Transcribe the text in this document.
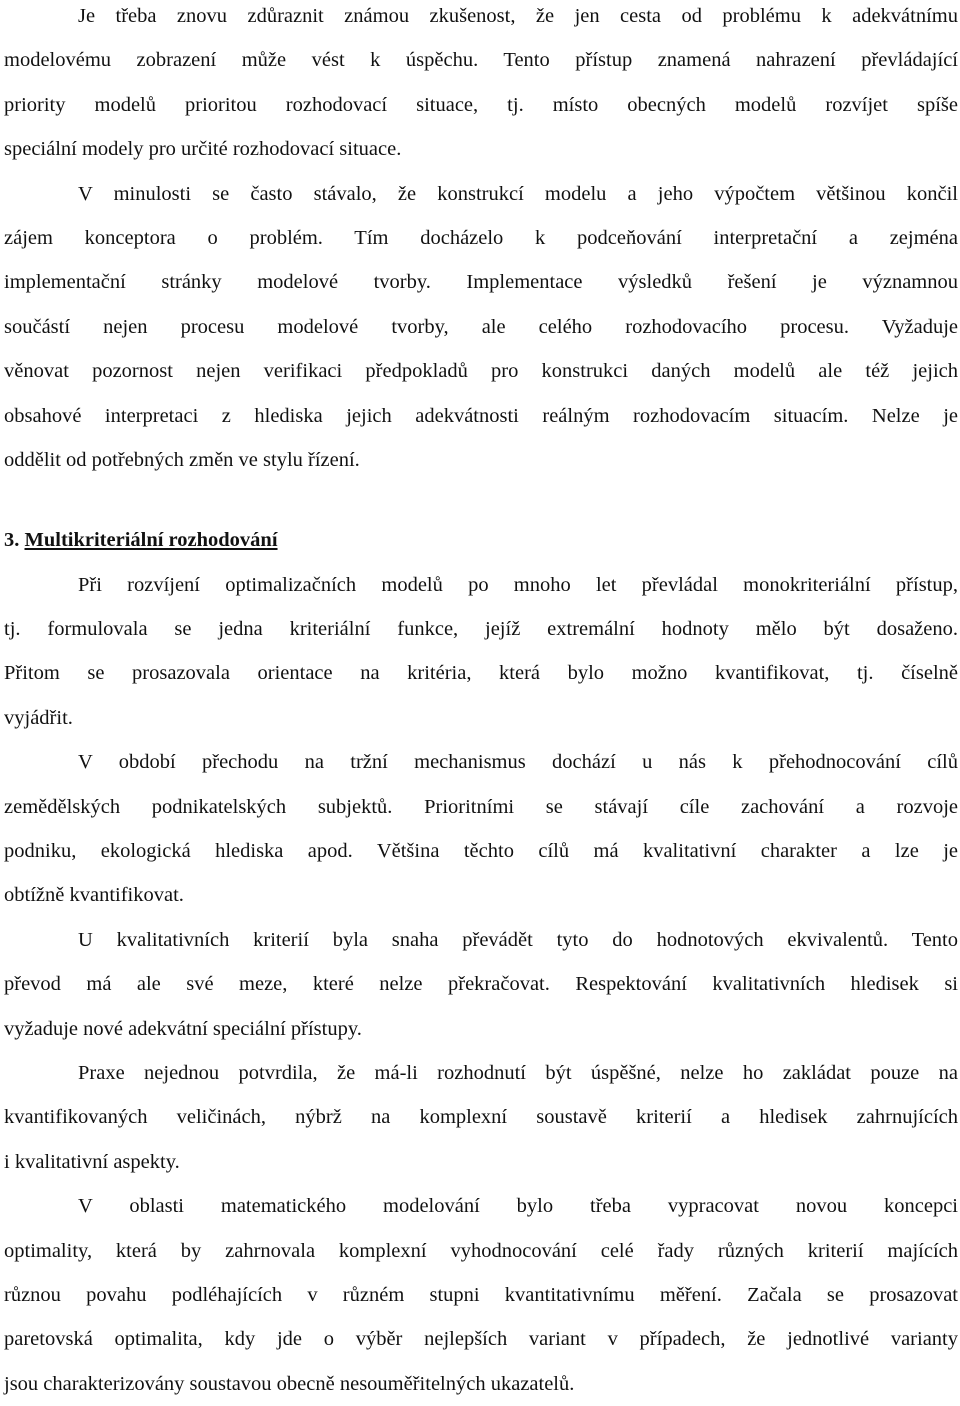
Je třeba znovu zdůraznit známou zkušenost, že jen cesta od problému k adekvátnímu
modelovému zobrazení může vést k úspěchu. Tento přístup znamená nahrazení převládající
priority modelů prioritou rozhodovací situace, tj. místo obecných modelů rozvíjet spíše
speciální modely pro určité rozhodovací situace.
V minulosti se často stávalo, že konstrukcí modelu a jeho výpočtem většinou končil
zájem konceptora o problém. Tím docházelo k podceňování interpretační a zejména
implementační stránky modelové tvorby. Implementace výsledků řešení je významnou
součástí nejen procesu modelové tvorby, ale celého rozhodovacího procesu. Vyžaduje
věnovat pozornost nejen verifikaci předpokladů pro konstrukci daných modelů ale též jejich
obsahové interpretaci z hlediska jejich adekvátnosti reálným rozhodovacím situacím. Nelze je
oddělit od potřebných změn ve stylu řízení.
3. Multikriteriální rozhodování
Při rozvíjení optimalizačních modelů po mnoho let převládal monokriteriální přístup,
tj. formulovala se jedna kriteriální funkce, jejíž extremální hodnoty mělo být dosaženo.
Přitom se prosazovala orientace na kritéria, která bylo možno kvantifikovat, tj. číselně
vyjádřit.
V období přechodu na tržní mechanismus dochází u nás k přehodnocování cílů
zemědělských podnikatelských subjektů. Prioritními se stávají cíle zachování a rozvoje
podniku, ekologická hlediska apod. Většina těchto cílů má kvalitativní charakter a lze je
obtížně kvantifikovat.
U kvalitativních kriterií byla snaha převádět tyto do hodnotových ekvivalentů. Tento
převod má ale své meze, které nelze překračovat. Respektování kvalitativních hledisek si
vyžaduje nové adekvátní speciální přístupy.
Praxe nejednou potvrdila, že má-li rozhodnutí být úspěšné, nelze ho zakládat pouze na
kvantifikovaných veličinách, nýbrž na komplexní soustavě kriterií a hledisek zahrnujících
i kvalitativní aspekty.
V oblasti matematického modelování bylo třeba vypracovat novou koncepci
optimality, která by zahrnovala komplexní vyhodnocování celé řady různých kriterií majících
různou povahu podléhajících v různém stupni kvantitativnímu měření. Začala se prosazovat
paretovská optimalita, kdy jde o výběr nejlepších variant v případech, že jednotlivé varianty
jsou charakterizovány soustavou obecně nesouměřitelných ukazatelů.
